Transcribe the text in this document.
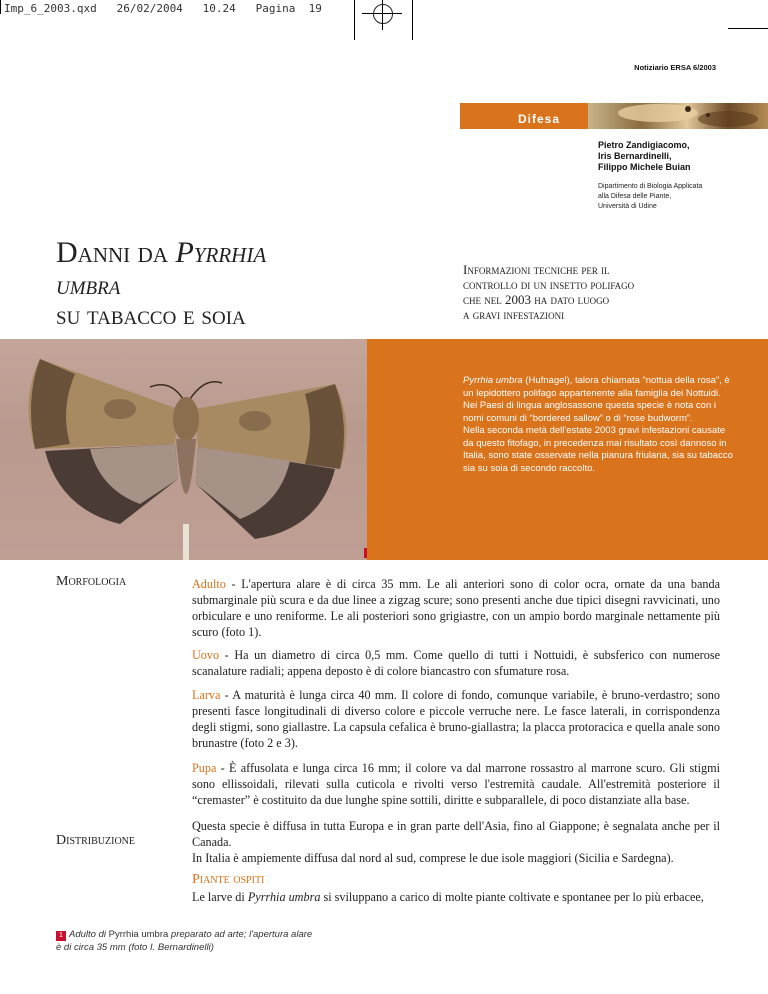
Imp_6_2003.qxd   26/02/2004   10.24   Pagina  19
Notiziario ERSA 6/2003
Difesa
Pietro Zandigiacomo,
Iris Bernardinelli,
Filippo Michele Buian
Dipartimento di Biologia Applicata
alla Difesa delle Piante,
Università di Udine
Danni da Pyrrhia
umbra
su tabacco e soia
Informazioni tecniche per il
controllo di un insetto polifago
che nel 2003 ha dato luogo
a gravi infestazioni
Pyrrhia umbra (Hufnagel), talora chiamata “nottua della rosa”, è un lepidottero polifago appartenente alla famiglia dei Nottuidi. Nei Paesi di lingua anglosassone questa specie è nota con i nomi comuni di “bordered sallow” o di “rose budworm”.
Nella seconda metà dell'estate 2003 gravi infestazioni causate da questo fitofago, in precedenza mai risultato così dannoso in Italia, sono state osservate nella pianura friulana, sia su tabacco sia su soia di secondo raccolto.
Morfologia	Adulto - L'apertura alare è di circa 35 mm. Le ali anteriori sono di color ocra, ornate da una banda submarginale più scura e da due linee a zigzag scure; sono presenti anche due tipici disegni ravvicinati, uno orbiculare e uno reniforme. Le ali posteriori sono grigiastre, con un ampio bordo marginale nettamente più scuro (foto 1).
Uovo - Ha un diametro di circa 0,5 mm. Come quello di tutti i Nottuidi, è subsferico con numerose scanalature radiali; appena deposto è di colore biancastro con sfumature rosa.
Larva - A maturità è lunga circa 40 mm. Il colore di fondo, comunque variabile, è bruno-verdastro; sono presenti fasce longitudinali di diverso colore e piccole verruche nere. Le fasce laterali, in corrispondenza degli stigmi, sono giallastre. La capsula cefalica è bruno-giallastra; la placca protoracica e quella anale sono brunastre (foto 2 e 3).
Pupa - È affusolata e lunga circa 16 mm; il colore va dal marrone rossastro al marrone scuro. Gli stigmi sono ellissoidali, rilevati sulla cuticola e rivolti verso l'estremità caudale. All'estremità posteriore il “cremaster” è costituito da due lunghe spine sottili, diritte e subparallele, di poco distanziate alla base.
Distribuzione
Questa specie è diffusa in tutta Europa e in gran parte dell'Asia, fino al Giappone; è segnalata anche per il Canada.
In Italia è ampiemente diffusa dal nord al sud, comprese le due isole maggiori (Sicilia e Sardegna).
Piante ospiti
Le larve di Pyrrhia umbra si sviluppano a carico di molte piante coltivate e spontanee per lo più erbacee,
1 Adulto di Pyrrhia umbra preparato ad arte; l'apertura alare
è di circa 35 mm (foto I. Bernardinelli)
